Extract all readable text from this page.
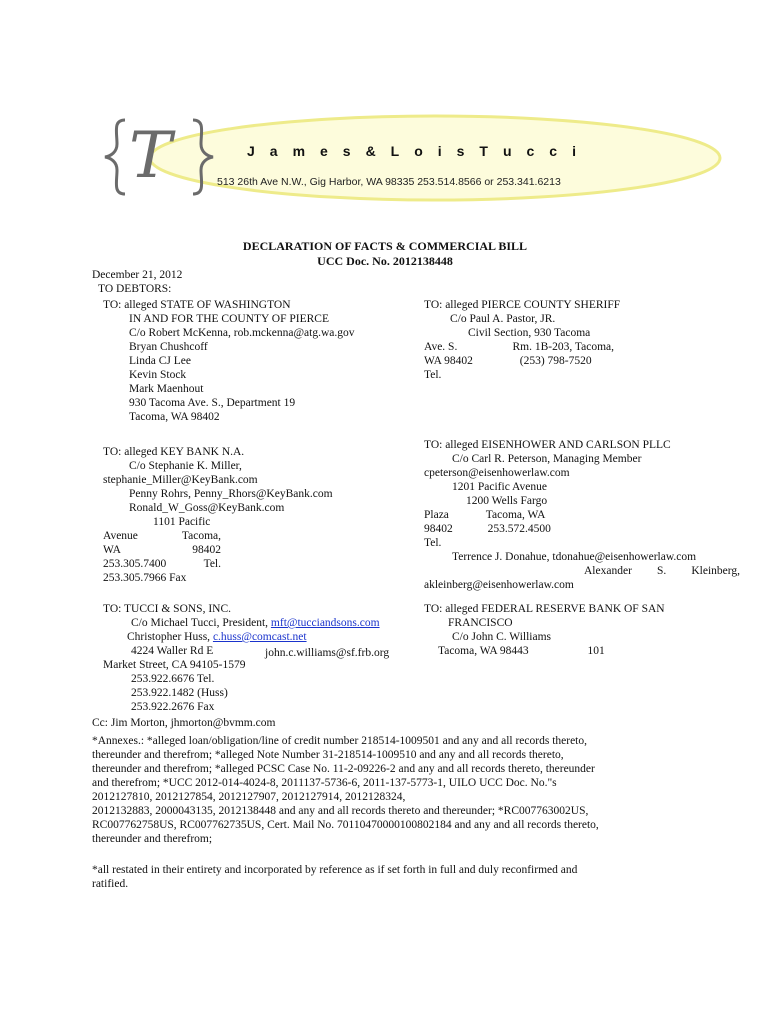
T	J a m e s & L o i s T u c c i
513 26th Ave N.W., Gig Harbor, WA 98335 253.514.8566 or 253.341.6213
DECLARATION OF FACTS & COMMERCIAL BILL
UCC Doc. No. 2012138448
December 21, 2012
TO DEBTORS:
TO: alleged STATE OF WASHINGTON
IN AND FOR THE COUNTY OF PIERCE
C/o Robert McKenna, rob.mckenna@atg.wa.gov
Bryan Chushcoff
Linda CJ Lee
Kevin Stock
Mark Maenhout
930 Tacoma Ave. S., Department 19
Tacoma, WA 98402
TO: alleged PIERCE COUNTY SHERIFF
C/o Paul A. Pastor, JR.
Civil Section, 930 Tacoma
Ave. S.	Rm. 1B-203, Tacoma,
WA 98402	(253) 798-7520
Tel.
TO: alleged KEY BANK N.A.
C/o Stephanie K. Miller,
stephanie_Miller@KeyBank.com
Penny Rohrs, Penny_Rhors@KeyBank.com
Ronald_W_Goss@KeyBank.com
1101 Pacific
Avenue	Tacoma,
WA	98402
253.305.7400	Tel.
253.305.7966 Fax
TO: alleged EISENHOWER AND CARLSON PLLC
C/o Carl R. Peterson, Managing Member
cpeterson@eisenhowerlaw.com
1201 Pacific Avenue
1200 Wells Fargo
Plaza	Tacoma, WA
98402	253.572.4500
Tel.
Terrence J. Donahue, tdonahue@eisenhowerlaw.com
Alexander S. Kleinberg,
akleinberg@eisenhowerlaw.com
TO: TUCCI & SONS, INC.
C/o Michael Tucci, President, mft@tucciandsons.com
Christopher Huss, c.huss@comcast.net
4224 Waller Rd E
Market Street, CA 94105-1579
253.922.6676 Tel.
253.922.1482 (Huss)
253.922.2676 Fax
john.c.williams@sf.frb.org
TO: alleged FEDERAL RESERVE BANK OF SAN
FRANCISCO
C/o John C. Williams
Tacoma, WA 98443	101
Cc: Jim Morton, jhmorton@bvmm.com
*Annexes.: *alleged loan/obligation/line of credit number 218514-1009501 and any and all records thereto,
thereunder and therefrom; *alleged Note Number 31-218514-1009510 and any and all records thereto,
thereunder and therefrom; *alleged PCSC Case No. 11-2-09226-2 and any and all records thereto, thereunder
and therefrom; *UCC 2012-014-4024-8, 2011137-5736-6, 2011-137-5773-1, UILO UCC Doc. No."s
2012127810, 2012127854, 2012127907, 2012127914, 2012128324,
2012132883, 2000043135, 2012138448 and any and all records thereto and thereunder; *RC007763002US,
RC007762758US, RC007762735US, Cert. Mail No. 70110470000100802184 and any and all records thereto,
thereunder and therefrom;
*all restated in their entirety and incorporated by reference as if set forth in full and duly reconfirmed and
ratified.
